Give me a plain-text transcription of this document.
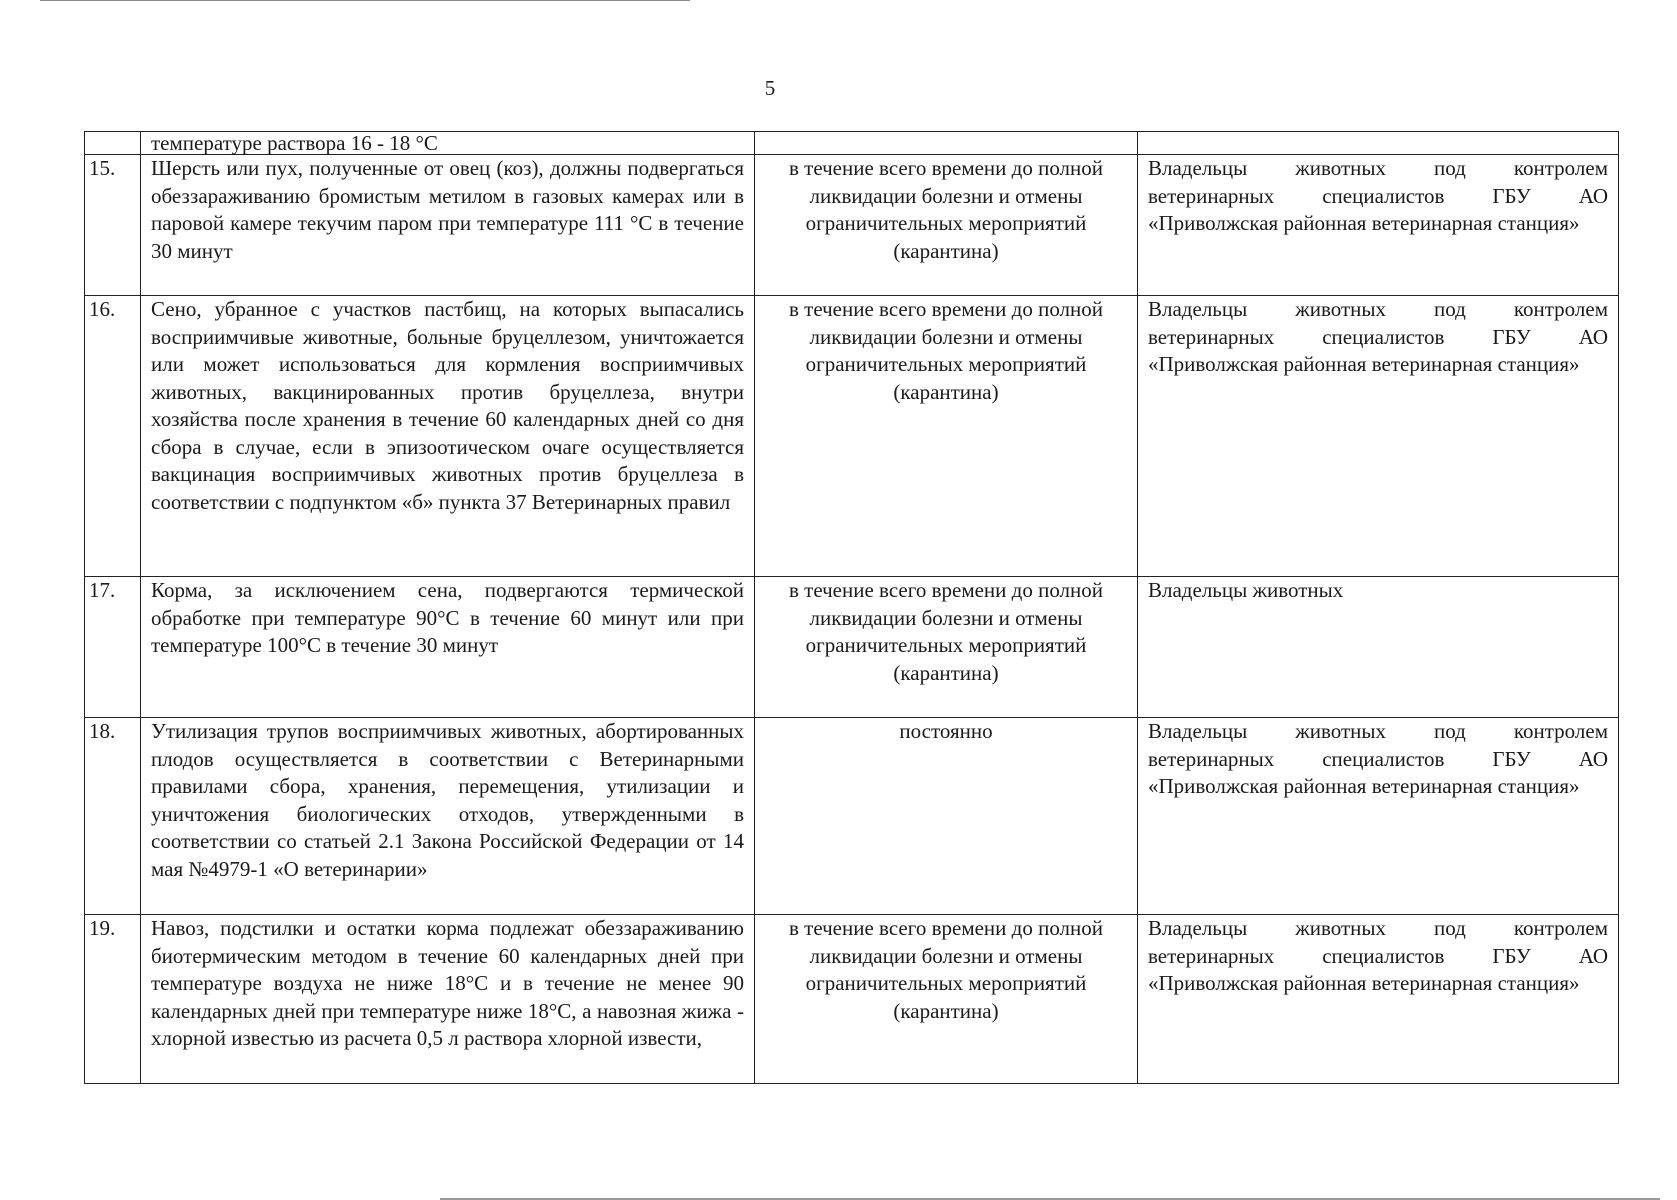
5
	температуре раствора 16 - 18 °С		
15.	Шерсть или пух, полученные от овец (коз), должны подвергаться обеззараживанию бромистым метилом в газовых камерах или в паровой камере текучим паром при температуре 111 °С в течение 30 минут	в течение всего времени до полной ликвидации болезни и отмены ограничительных мероприятий (карантина)	Владельцы животных под контролем ветеринарных специалистов ГБУ АО «Приволжская районная ветеринарная станция»
16.	Сено, убранное с участков пастбищ, на которых выпасались восприимчивые животные, больные бруцеллезом, уничтожается или может использоваться для кормления восприимчивых животных, вакцинированных против бруцеллеза, внутри хозяйства после хранения в течение 60 календарных дней со дня сбора в случае, если в эпизоотическом очаге осуществляется вакцинация восприимчивых животных против бруцеллеза в соответствии с подпунктом «б» пункта 37 Ветеринарных правил	в течение всего времени до полной ликвидации болезни и отмены ограничительных мероприятий (карантина)	Владельцы животных под контролем ветеринарных специалистов ГБУ АО «Приволжская районная ветеринарная станция»
17.	Корма, за исключением сена, подвергаются термической обработке при температуре 90°С в течение 60 минут или при температуре 100°С в течение 30 минут	в течение всего времени до полной ликвидации болезни и отмены ограничительных мероприятий (карантина)	Владельцы животных
18.	Утилизация трупов восприимчивых животных, абортированных плодов осуществляется в соответствии с Ветеринарными правилами сбора, хранения, перемещения, утилизации и уничтожения биологических отходов, утвержденными в соответствии со статьей 2.1 Закона Российской Федерации от 14 мая №4979-1 «О ветеринарии»	постоянно	Владельцы животных под контролем ветеринарных специалистов ГБУ АО «Приволжская районная ветеринарная станция»
19.	Навоз, подстилки и остатки корма подлежат обеззараживанию биотермическим методом в течение 60 календарных дней при температуре воздуха не ниже 18°С и в течение не менее 90 календарных дней при температуре ниже 18°С, а навозная жижа - хлорной известью из расчета 0,5 л раствора хлорной извести,	в течение всего времени до полной ликвидации болезни и отмены ограничительных мероприятий (карантина)	Владельцы животных под контролем ветеринарных специалистов ГБУ АО «Приволжская районная ветеринарная станция»
